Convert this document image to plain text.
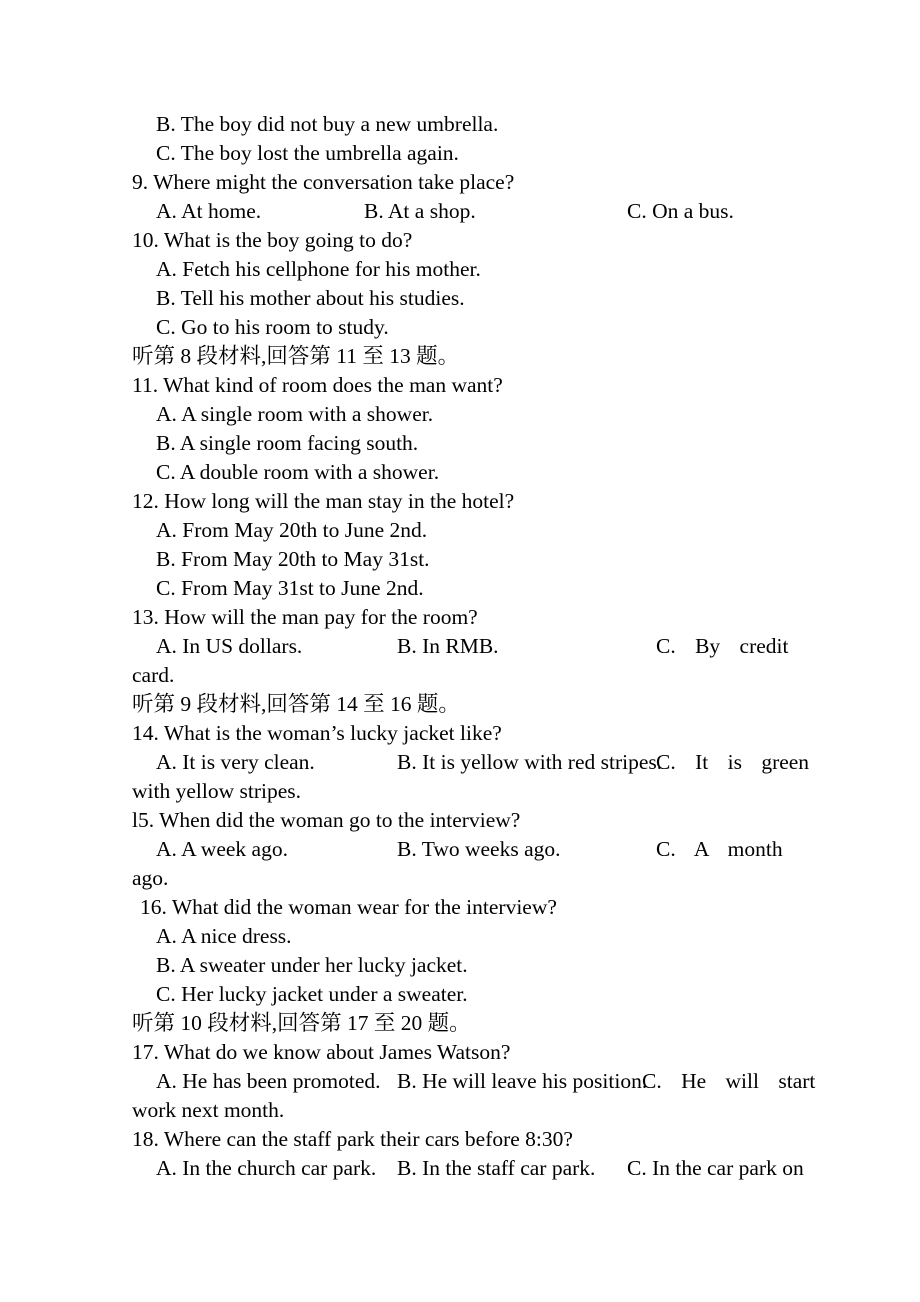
B. The boy did not buy a new umbrella.
C. The boy lost the umbrella again.
9. Where might the conversation take place?
A. At home.	B. At a shop.	C. On a bus.
10. What is the boy going to do?
A. Fetch his cellphone for his mother.
B. Tell his mother about his studies.
C. Go to his room to study.
听第 8 段材料,回答第 11 至 13 题。
11. What kind of room does the man want?
A. A single room with a shower.
B. A single room facing south.
C. A double room with a shower.
12. How long will the man stay in the hotel?
A. From May 20th to June 2nd.
B. From May 20th to May 31st.
C. From May 31st to June 2nd.
13. How will the man pay for the room?
A. In US dollars.	B. In RMB.	C. By credit
card.
听第 9 段材料,回答第 14 至 16 题。
14. What is the woman’s lucky jacket like?
A. It is very clean.	B. It is yellow with red stripes.
C. It is green
with yellow stripes.
l5. When did the woman go to the interview?
A. A week ago.	B. Two weeks ago.	C. A month
ago.
16. What did the woman wear for the interview?
A. A nice dress.
B. A sweater under her lucky jacket.
C. Her lucky jacket under a sweater.
听第 10 段材料,回答第 17 至 20 题。
17. What do we know about James Watson?
A. He has been promoted. B. He will leave his position.
C. He will start
work next month.
18. Where can the staff park their cars before 8:30?
A. In the church car park. B. In the staff car park. C. In the car park on
